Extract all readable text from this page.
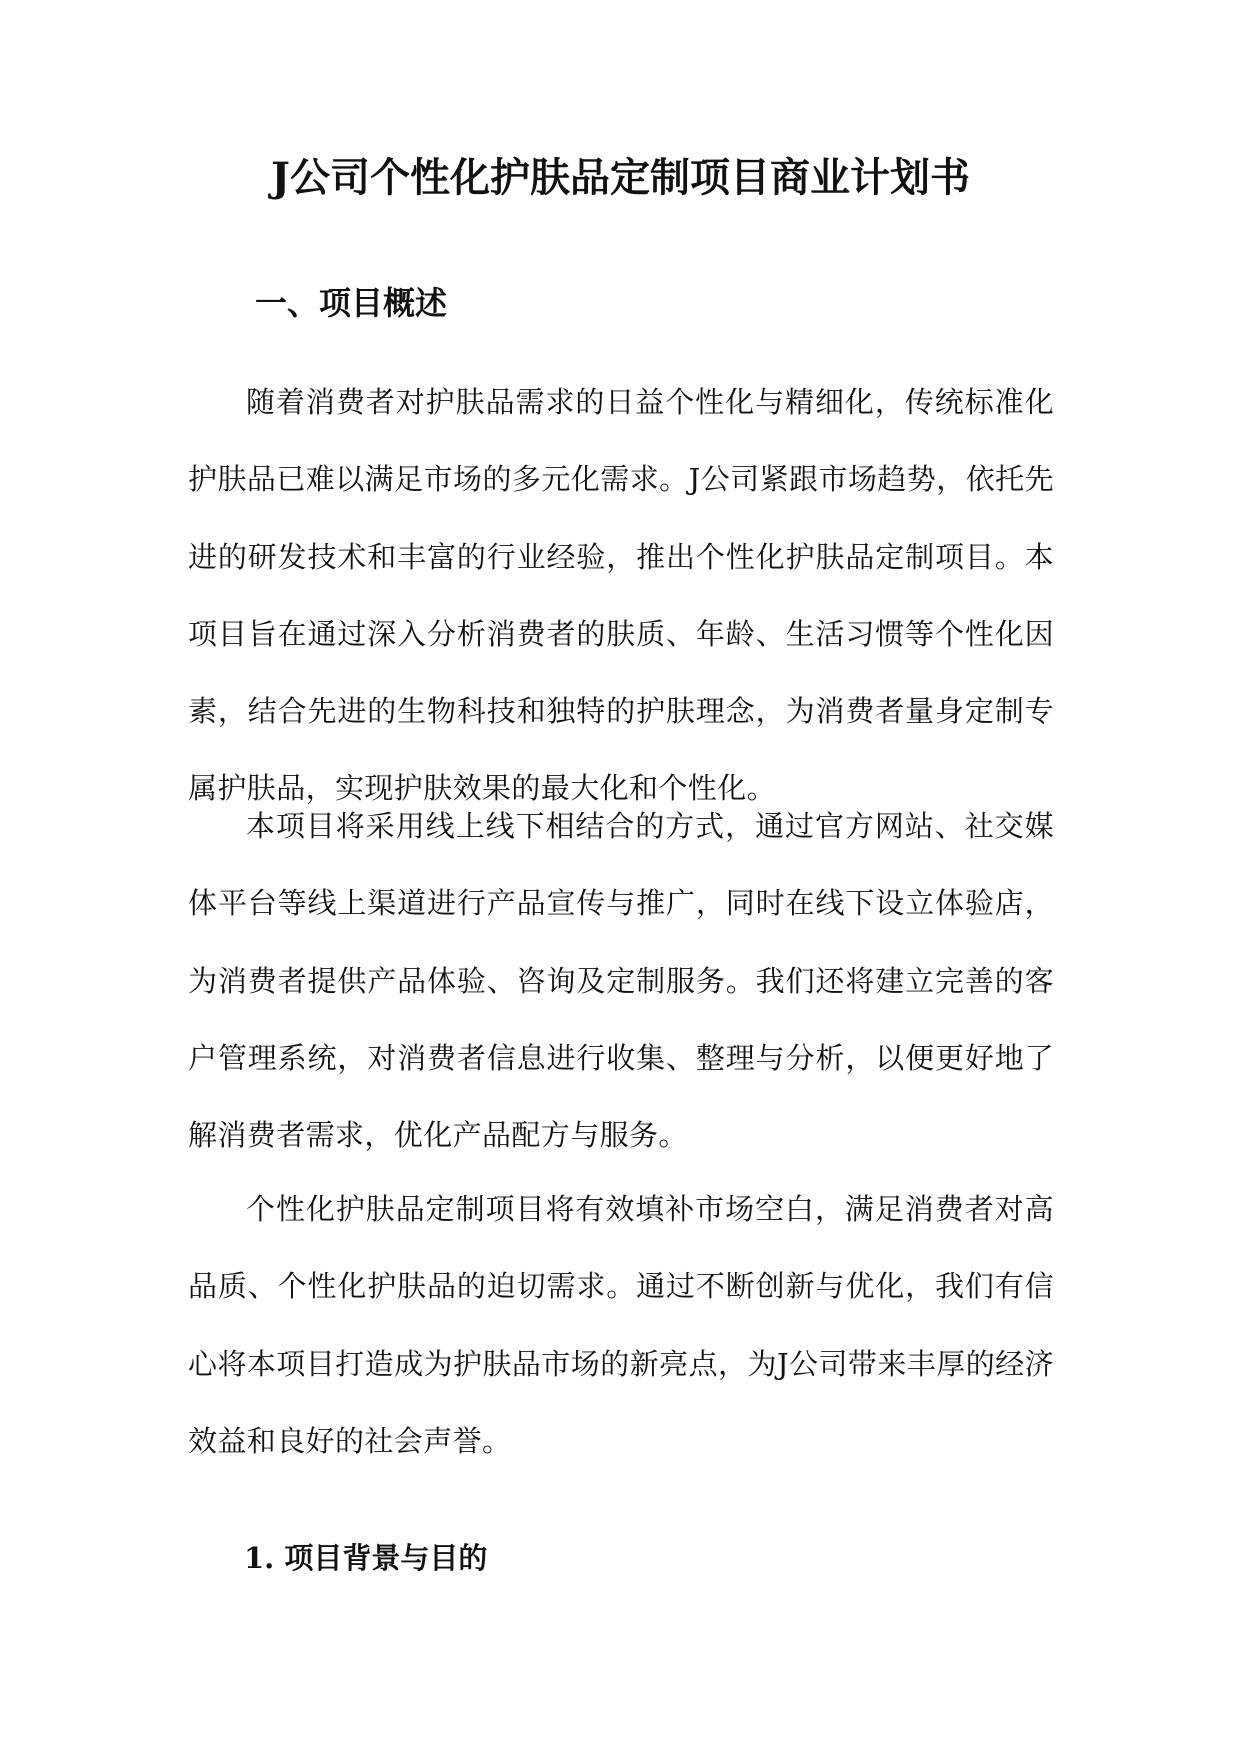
J公司个性化护肤品定制项目商业计划书
一、项目概述

随着消费者对护肤品需求的日益个性化与精细化，传统标准化护肤品已难以满足市场的多元化需求。J公司紧跟市场趋势，依托先进的研发技术和丰富的行业经验，推出个性化护肤品定制项目。本项目旨在通过深入分析消费者的肤质、年龄、生活习惯等个性化因素，结合先进的生物科技和独特的护肤理念，为消费者量身定制专属护肤品，实现护肤效果的最大化和个性化。

本项目将采用线上线下相结合的方式，通过官方网站、社交媒体平台等线上渠道进行产品宣传与推广，同时在线下设立体验店，为消费者提供产品体验、咨询及定制服务。我们还将建立完善的客户管理系统，对消费者信息进行收集、整理与分析，以便更好地了解消费者需求，优化产品配方与服务。

个性化护肤品定制项目将有效填补市场空白，满足消费者对高品质、个性化护肤品的迫切需求。通过不断创新与优化，我们有信心将本项目打造成为护肤品市场的新亮点，为J公司带来丰厚的经济效益和良好的社会声誉。

1. 项目背景与目的
